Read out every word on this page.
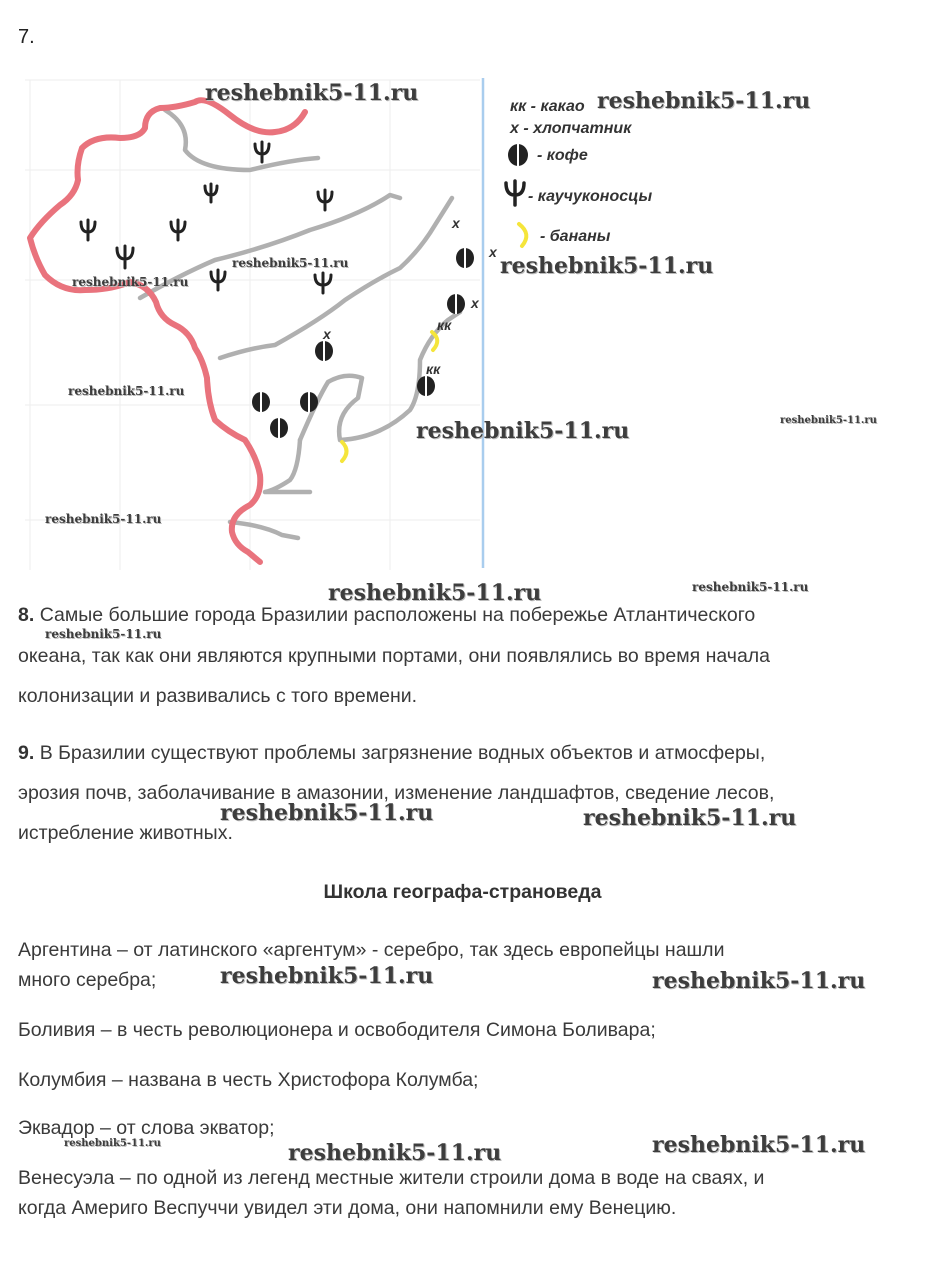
7.
х
х
х
х
кк
кк
кк - какао
х - хлопчатник
- кофе
- каучуконосцы
- бананы
8. Самые большие города Бразилии расположены на побережье Атлантического
океана, так как они являются крупными портами, они появлялись во время начала
колонизации и развивались с того времени.
9. В Бразилии существуют проблемы загрязнение водных объектов и атмосферы,
эрозия почв, заболачивание в амазонии, изменение ландшафтов, сведение лесов,
истребление животных.
Школа географа-страноведа
Аргентина – от латинского «аргентум» - серебро, так здесь европейцы нашли
много серебра;
Боливия – в честь революционера и освободителя Симона Боливара;
Колумбия – названа в честь Христофора Колумба;
Эквадор – от слова экватор;
Венесуэла – по одной из легенд местные жители строили дома в воде на сваях, и
когда Америго Веспуччи увидел эти дома, они напомнили ему Венецию.
reshebnik5-11.ru	reshebnik5-11.ru
reshebnik5-11.ru
reshebnik5-11.ru
reshebnik5-11.ru
reshebnik5-11.ru
reshebnik5-11.ru	reshebnik5-11.ru
reshebnik5-11.ru
reshebnik5-11.ru	reshebnik5-11.ru
reshebnik5-11.ru
reshebnik5-11.ru	reshebnik5-11.ru
reshebnik5-11.ru	reshebnik5-11.ru
reshebnik5-11.ru	reshebnik5-11.ru	reshebnik5-11.ru
